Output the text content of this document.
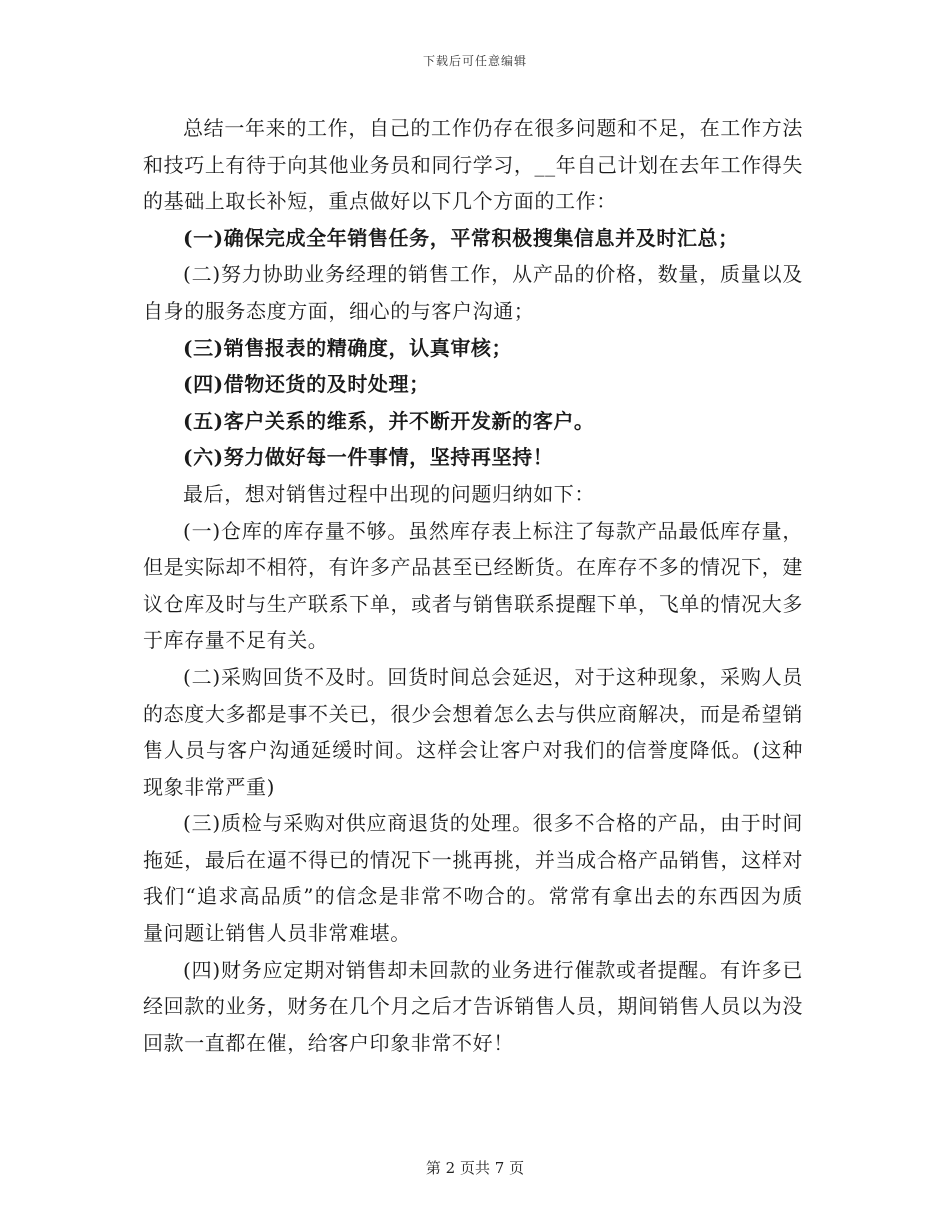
下载后可任意编辑

总结一年来的工作，自己的工作仍存在很多问题和不足，在工作方法和技巧上有待于向其他业务员和同行学习，__年自己计划在去年工作得失的基础上取长补短，重点做好以下几个方面的工作：

(一)确保完成全年销售任务，平常积极搜集信息并及时汇总；

(二)努力协助业务经理的销售工作，从产品的价格，数量，质量以及自身的服务态度方面，细心的与客户沟通；

(三)销售报表的精确度，认真审核；

(四)借物还货的及时处理；

(五)客户关系的维系，并不断开发新的客户。

(六)努力做好每一件事情，坚持再坚持！

最后，想对销售过程中出现的问题归纳如下：

(一)仓库的库存量不够。虽然库存表上标注了每款产品最低库存量，但是实际却不相符，有许多产品甚至已经断货。在库存不多的情况下，建议仓库及时与生产联系下单，或者与销售联系提醒下单，飞单的情况大多于库存量不足有关。

(二)采购回货不及时。回货时间总会延迟，对于这种现象，采购人员的态度大多都是事不关已，很少会想着怎么去与供应商解决，而是希望销售人员与客户沟通延缓时间。这样会让客户对我们的信誉度降低。(这种现象非常严重)

(三)质检与采购对供应商退货的处理。很多不合格的产品，由于时间拖延，最后在逼不得已的情况下一挑再挑，并当成合格产品销售，这样对我们“追求高品质”的信念是非常不吻合的。常常有拿出去的东西因为质量问题让销售人员非常难堪。

(四)财务应定期对销售却未回款的业务进行催款或者提醒。有许多已经回款的业务，财务在几个月之后才告诉销售人员，期间销售人员以为没回款一直都在催，给客户印象非常不好！

第 2 页共 7 页
